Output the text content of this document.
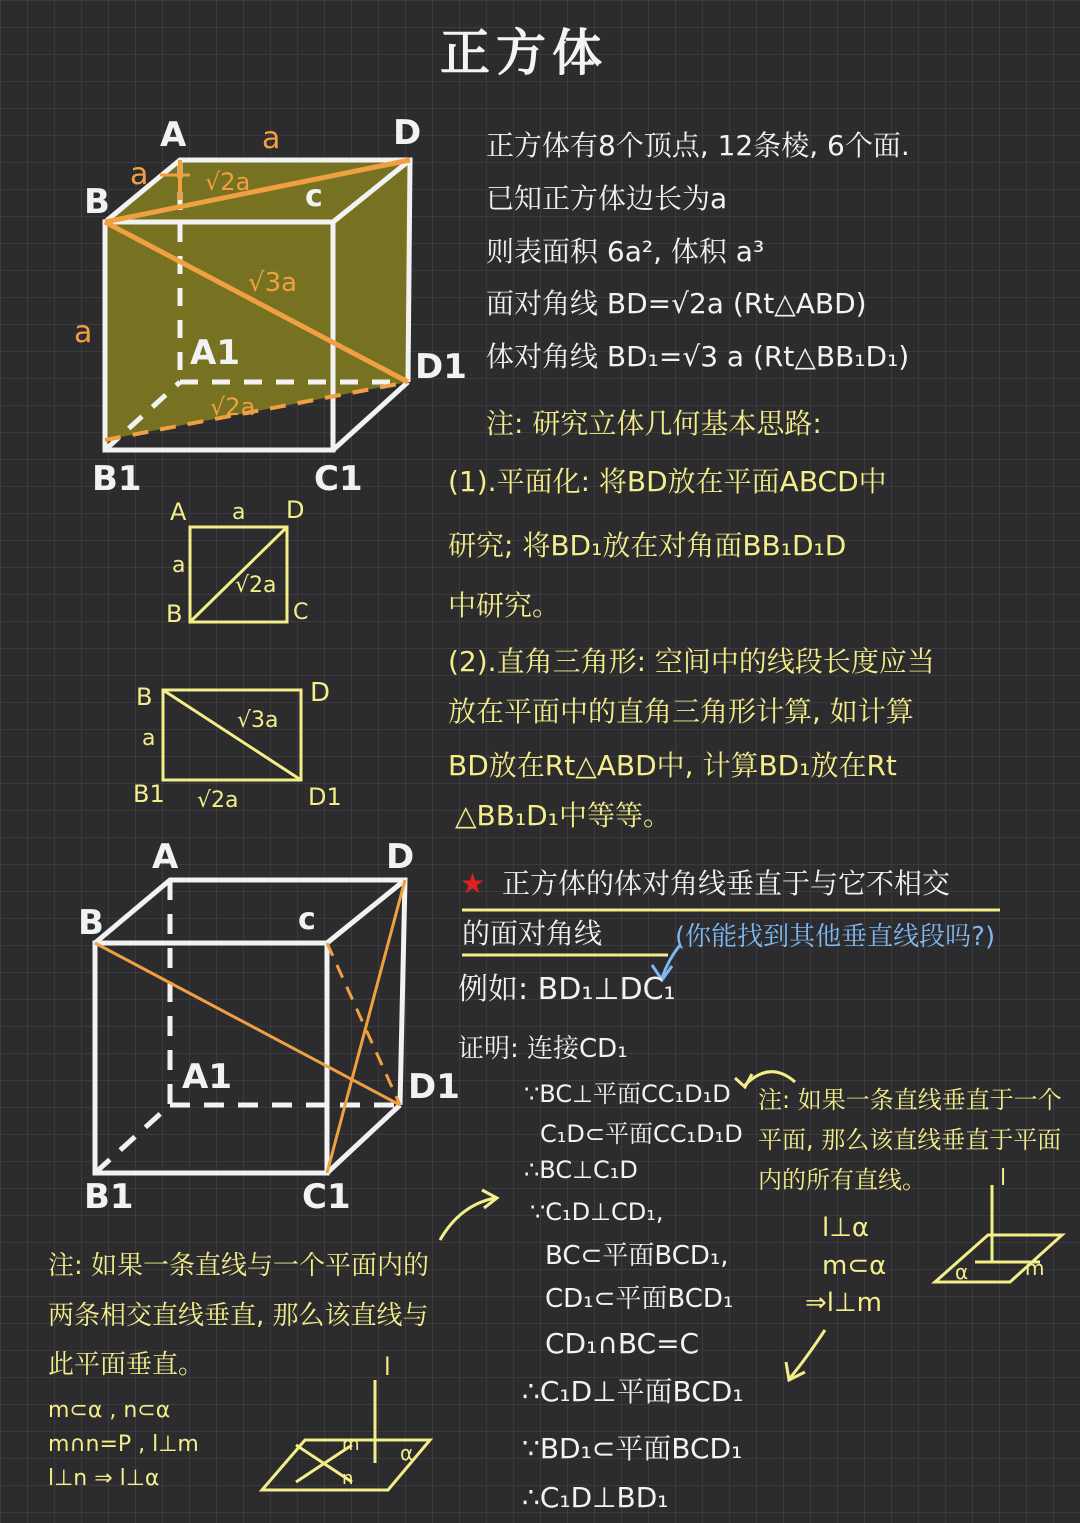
正方体
A
B	c
D
A1
B1	C1
D1
a
a
a
√2a
√3a
√2a
A a D
a
√2a
B	C
B	D
a
√3a
B1 √2a	D1
A
B	c
D
A1
B1	C1
D1
正方体有8个顶点, 12条棱, 6个面.
已知正方体边长为a
则表面积 6a², 体积 a³
面对角线 BD=√2a (Rt△ABD)
体对角线 BD₁=√3 a (Rt△BB₁D₁)
注: 研究立体几何基本思路:
(1).平面化: 将BD放在平面ABCD中
研究; 将BD₁放在对角面BB₁D₁D
中研究。
(2).直角三角形: 空间中的线段长度应当
放在平面中的直角三角形计算, 如计算
BD放在Rt△ABD中, 计算BD₁放在Rt
△BB₁D₁中等等。
★ 正方体的体对角线垂直于与它不相交
的面对角线	(你能找到其他垂直线段吗?)
例如: BD₁⊥DC₁
证明: 连接CD₁
∵BC⊥平面CC₁D₁D
C₁D⊂平面CC₁D₁D
∴BC⊥C₁D
∵C₁D⊥CD₁,
BC⊂平面BCD₁,
CD₁⊂平面BCD₁
CD₁∩BC=C
∴C₁D⊥平面BCD₁
∵BD₁⊂平面BCD₁
∴C₁D⊥BD₁
注: 如果一条直线垂直于一个
平面, 那么该直线垂直于平面
内的所有直线。
l⊥α
m⊂α
⇒l⊥m
l
α	m
注: 如果一条直线与一个平面内的
两条相交直线垂直, 那么该直线与
此平面垂直。
m⊂α , n⊂α
m∩n=P , l⊥m
l⊥n ⇒ l⊥α
l
α
m
n
